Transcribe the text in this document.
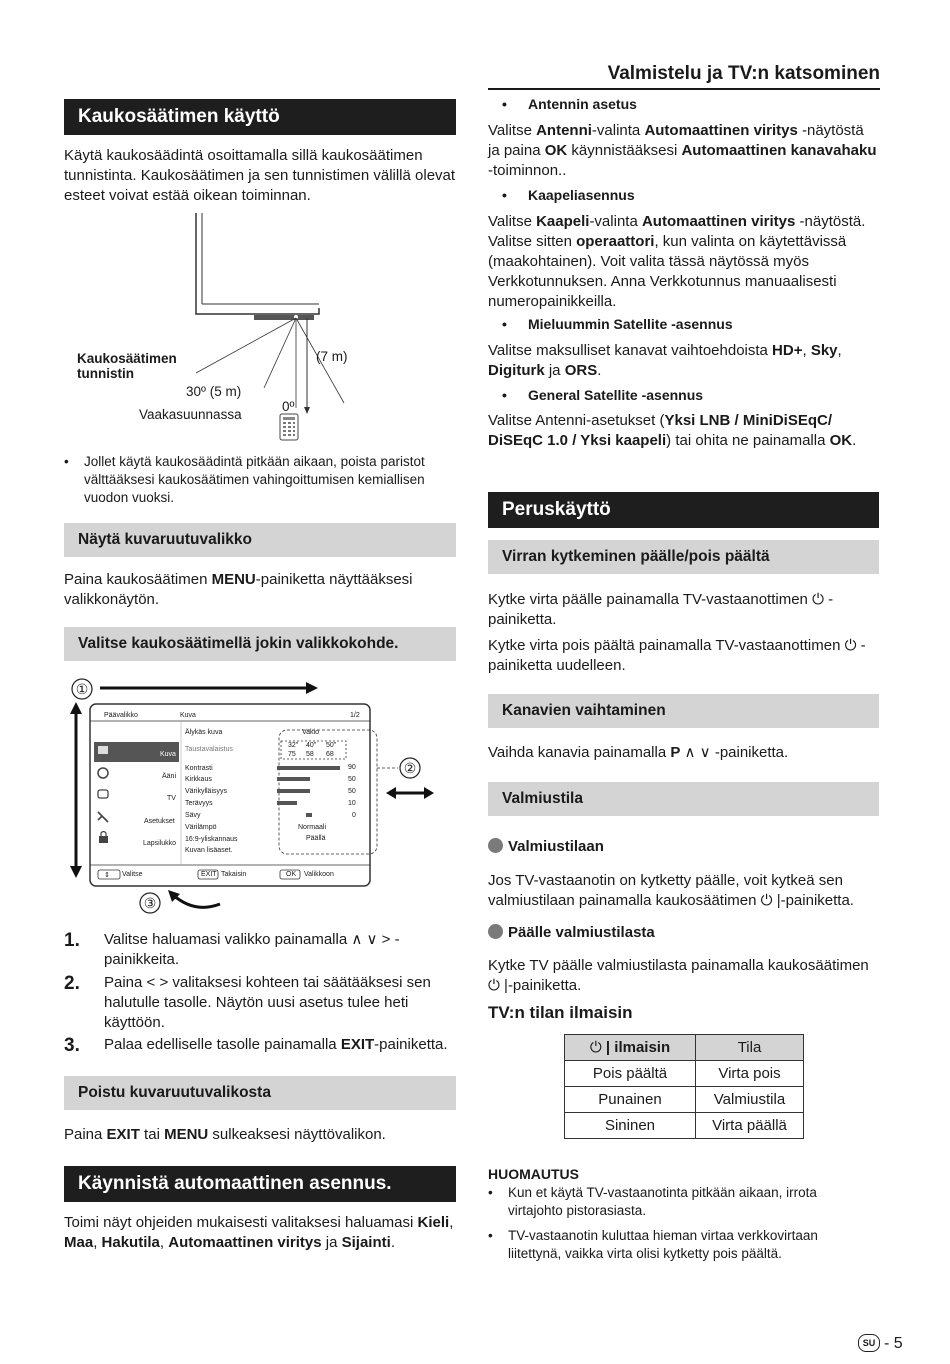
Valmistelu ja TV:n katsominen
Kaukosäätimen käyttö
Käytä kaukosäädintä osoittamalla sillä kaukosäätimen tunnistinta. Kaukosäätimen ja sen tunnistimen välillä olevat esteet voivat estää oikean toiminnan.
Kaukosäätimen
tunnistin
(7 m)
30º (5 m)
Vaakasuunnassa
0º
• Jollet käytä kaukosäädintä pitkään aikaan, poista paristot välttääksesi kaukosäätimen vahingoittumisen kemiallisen vuodon vuoksi.
Näytä kuvaruutuvalikko
Paina kaukosäätimen MENU-painiketta näyttääksesi valikkonäytön.
Valitse kaukosäätimellä jokin valikkokohde.
①
②
③
Päävalikko	Kuva	1/2
Kuva
Ääni
TV
Asetukset
Lapsilukko
Älykäs kuva
Taustavalaistus
Kontrasti
Kirkkaus
Värikylläisyys
Terävyys
Sävy
Värilämpö
16:9-yliskannaus
Kuvan lisäaset.
Vakio
32" 40" 50"
75 58 68
90
50
50
10
0
Normaali
Päällä
⇕ Valitse	EXIT Takaisin	OK Valikkoon
1. Valitse haluamasi valikko painamalla ∧ ∨ > -painikkeita.
2. Paina < > valitaksesi kohteen tai säätääksesi sen halutulle tasolle. Näytön uusi asetus tulee heti käyttöön.
3. Palaa edelliselle tasolle painamalla EXIT-painiketta.
Poistu kuvaruutuvalikosta
Paina EXIT tai MENU sulkeaksesi näyttövalikon.
Käynnistä automaattinen asennus.
Toimi näyt ohjeiden mukaisesti valitaksesi haluamasi Kieli, Maa, Hakutila, Automaattinen viritys ja Sijainti.
• Antennin asetus
Valitse Antenni-valinta Automaattinen viritys -näytöstä ja paina OK käynnistääksesi Automaattinen kanavahaku -toiminnon..
• Kaapeliasennus
Valitse Kaapeli-valinta Automaattinen viritys -näytöstä. Valitse sitten operaattori, kun valinta on käytettävissä (maakohtainen). Voit valita tässä näytössä myös Verkkotunnuksen. Anna Verkkotunnus manuaalisesti numeropainikkeilla.
• Mieluummin Satellite -asennus
Valitse maksulliset kanavat vaihtoehdoista HD+, Sky, Digiturk ja ORS.
• General Satellite -asennus
Valitse Antenni-asetukset (Yksi LNB / MiniDiSEqC/ DiSEqC 1.0 / Yksi kaapeli) tai ohita ne painamalla OK.
Peruskäyttö
Virran kytkeminen päälle/pois päältä
Kytke virta päälle painamalla TV-vastaanottimen ⏻ -painiketta.
Kytke virta pois päältä painamalla TV-vastaanottimen ⏻ -painiketta uudelleen.
Kanavien vaihtaminen
Vaihda kanavia painamalla P ∧ ∨ -painiketta.
Valmiustila
Valmiustilaan
Jos TV-vastaanotin on kytketty päälle, voit kytkeä sen valmiustilaan painamalla kaukosäätimen ⏻ |-painiketta.
Päälle valmiustilasta
Kytke TV päälle valmiustilasta painamalla kaukosäätimen ⏻ |-painiketta.
TV:n tilan ilmaisin
⏻ | ilmaisin	Tila
Pois päältä	Virta pois
Punainen	Valmiustila
Sininen	Virta päällä
HUOMAUTUS
• Kun et käytä TV-vastaanotinta pitkään aikaan, irrota virtajohto pistorasiasta.
• TV-vastaanotin kuluttaa hieman virtaa verkkovirtaan liitettynä, vaikka virta olisi kytketty pois päältä.
SU - 5
